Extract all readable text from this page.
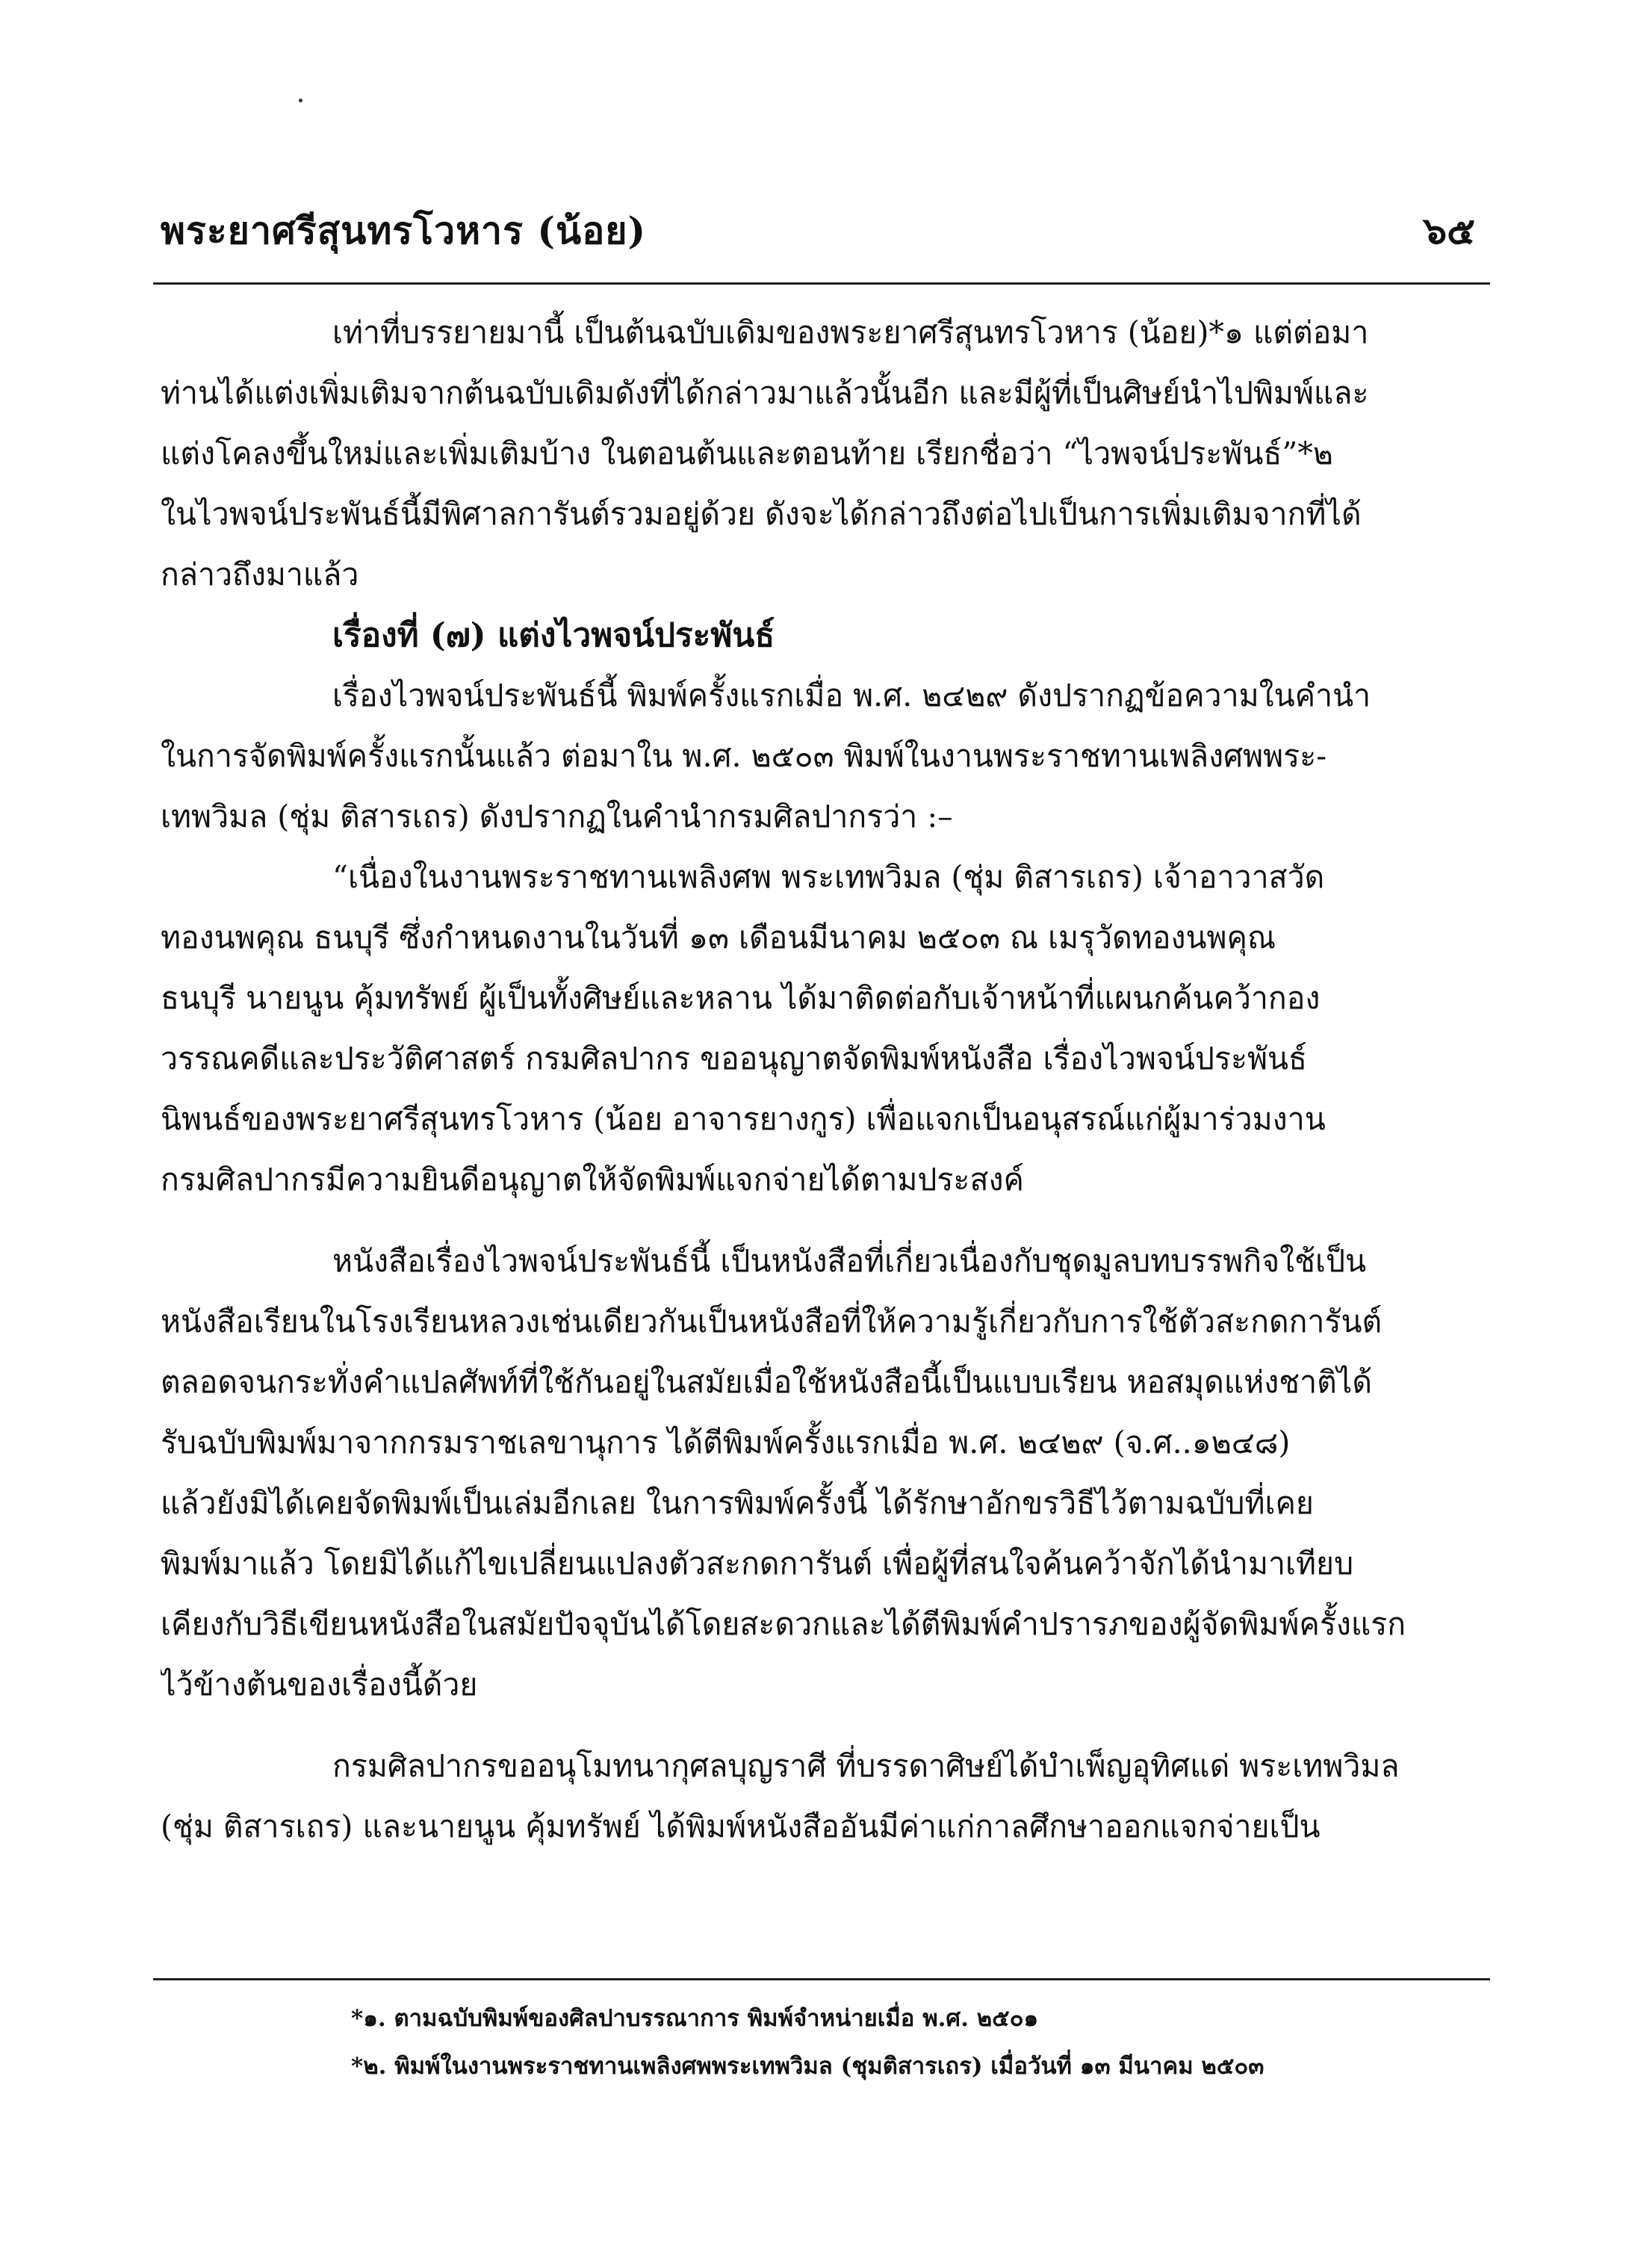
พระยาศรีสุนทรโวหาร (น้อย)	๖๕
เท่าที่บรรยายมานี้ เป็นต้นฉบับเดิมของพระยาศรีสุนทรโวหาร (น้อย)*๑ แต่ต่อมา
ท่านได้แต่งเพิ่มเติมจากต้นฉบับเดิมดังที่ได้กล่าวมาแล้วนั้นอีก และมีผู้ที่เป็นศิษย์นำไปพิมพ์และ
แต่งโคลงขึ้นใหม่และเพิ่มเติมบ้าง ในตอนต้นและตอนท้าย เรียกชื่อว่า “ไวพจน์ประพันธ์”*๒
ในไวพจน์ประพันธ์นี้มีพิศาลการันต์รวมอยู่ด้วย ดังจะได้กล่าวถึงต่อไปเป็นการเพิ่มเติมจากที่ได้
กล่าวถึงมาแล้ว
เรื่องที่ (๗) แต่งไวพจน์ประพันธ์
เรื่องไวพจน์ประพันธ์นี้ พิมพ์ครั้งแรกเมื่อ พ.ศ. ๒๔๒๙ ดังปรากฏข้อความในคำนำ
ในการจัดพิมพ์ครั้งแรกนั้นแล้ว ต่อมาใน พ.ศ. ๒๕๐๓ พิมพ์ในงานพระราชทานเพลิงศพพระ-
เทพวิมล (ชุ่ม ติสารเถร) ดังปรากฏในคำนำกรมศิลปากรว่า :–
“เนื่องในงานพระราชทานเพลิงศพ พระเทพวิมล (ชุ่ม ติสารเถร) เจ้าอาวาสวัด
ทองนพคุณ ธนบุรี ซึ่งกำหนดงานในวันที่ ๑๓ เดือนมีนาคม ๒๕๐๓ ณ เมรุวัดทองนพคุณ
ธนบุรี นายนูน คุ้มทรัพย์ ผู้เป็นทั้งศิษย์และหลาน ได้มาติดต่อกับเจ้าหน้าที่แผนกค้นคว้ากอง
วรรณคดีและประวัติศาสตร์ กรมศิลปากร ขออนุญาตจัดพิมพ์หนังสือ เรื่องไวพจน์ประพันธ์
นิพนธ์ของพระยาศรีสุนทรโวหาร (น้อย อาจารยางกูร) เพื่อแจกเป็นอนุสรณ์แก่ผู้มาร่วมงาน
กรมศิลปากรมีความยินดีอนุญาตให้จัดพิมพ์แจกจ่ายได้ตามประสงค์
หนังสือเรื่องไวพจน์ประพันธ์นี้ เป็นหนังสือที่เกี่ยวเนื่องกับชุดมูลบทบรรพกิจใช้เป็น
หนังสือเรียนในโรงเรียนหลวงเช่นเดียวกันเป็นหนังสือที่ให้ความรู้เกี่ยวกับการใช้ตัวสะกดการันต์
ตลอดจนกระทั่งคำแปลศัพท์ที่ใช้กันอยู่ในสมัยเมื่อใช้หนังสือนี้เป็นแบบเรียน หอสมุดแห่งชาติได้
รับฉบับพิมพ์มาจากกรมราชเลขานุการ ได้ตีพิมพ์ครั้งแรกเมื่อ พ.ศ. ๒๔๒๙ (จ.ศ..๑๒๔๘)
แล้วยังมิได้เคยจัดพิมพ์เป็นเล่มอีกเลย ในการพิมพ์ครั้งนี้ ได้รักษาอักขรวิธีไว้ตามฉบับที่เคย
พิมพ์มาแล้ว โดยมิได้แก้ไขเปลี่ยนแปลงตัวสะกดการันต์ เพื่อผู้ที่สนใจค้นคว้าจักได้นำมาเทียบ
เคียงกับวิธีเขียนหนังสือในสมัยปัจจุบันได้โดยสะดวกและได้ตีพิมพ์คำปรารภของผู้จัดพิมพ์ครั้งแรก
ไว้ข้างต้นของเรื่องนี้ด้วย
กรมศิลปากรขออนุโมทนากุศลบุญราศี ที่บรรดาศิษย์ได้บำเพ็ญอุทิศแด่ พระเทพวิมล
(ชุ่ม ติสารเถร) และนายนูน คุ้มทรัพย์ ได้พิมพ์หนังสืออันมีค่าแก่กาลศึกษาออกแจกจ่ายเป็น
*๑. ตามฉบับพิมพ์ของศิลปาบรรณาการ พิมพ์จำหน่ายเมื่อ พ.ศ. ๒๕๐๑
*๒. พิมพ์ในงานพระราชทานเพลิงศพพระเทพวิมล (ชุมติสารเถร) เมื่อวันที่ ๑๓ มีนาคม ๒๕๐๓
